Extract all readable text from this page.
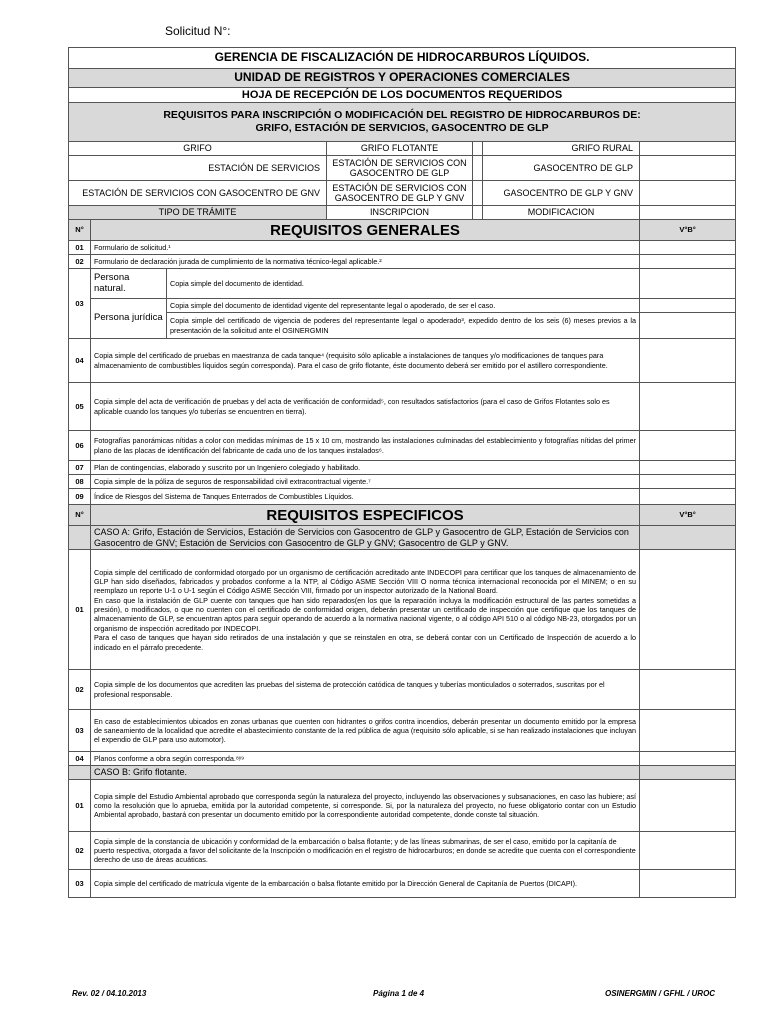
Solicitud N°:
GERENCIA DE FISCALIZACIÓN DE HIDROCARBUROS LÍQUIDOS.						
UNIDAD DE REGISTROS Y OPERACIONES COMERCIALES						
HOJA DE RECEPCIÓN DE LOS DOCUMENTOS REQUERIDOS						

REQUISITOS PARA INSCRIPCIÓN O MODIFICACIÓN DEL REGISTRO DE HIDROCARBUROS DE:
GRIFO, ESTACIÓN DE SERVICIOS, GASOCENTRO DE GLP						

GRIFO			GRIFO FLOTANTE		GRIFO RURAL	
ESTACIÓN DE SERVICIOS			ESTACIÓN DE SERVICIOS CON GASOCENTRO DE GLP		GASOCENTRO DE GLP	
ESTACIÓN DE SERVICIOS CON GASOCENTRO DE GNV			ESTACIÓN DE SERVICIOS CON GASOCENTRO DE GLP Y GNV		GASOCENTRO DE GLP Y GNV	
TIPO DE TRÁMITE			INSCRIPCION		MODIFICACION	
N°	REQUISITOS GENERALES					V°B°
01	Formulario de solicitud.¹					
02	Formulario de declaración jurada de cumplimiento de la normativa técnico-legal aplicable.²					
03	Persona natural.	Copia simple del documento de identidad.				
	Persona jurídica	Copia simple del documento de identidad vigente del representante legal o apoderado, de ser el caso.				
		Copia simple del certificado de vigencia de poderes del representante legal o apoderado³, expedido dentro de los seis (6) meses previos a la presentación de la solicitud ante el OSINERGMIN				
04	Copia simple del certificado de pruebas en maestranza de cada tanque⁴ (requisito sólo aplicable a instalaciones de tanques y/o modificaciones de tanques para almacenamiento de combustibles líquidos según corresponda). Para el caso de grifo flotante, éste documento deberá ser emitido por el astillero correspondiente.					
05	Copia simple del acta de verificación de pruebas y del acta de verificación de conformidad⁵, con resultados satisfactorios (para el caso de Grifos Flotantes solo es aplicable cuando los tanques y/o tuberías se encuentren en tierra).					
06	Fotografías panorámicas nítidas a color con medidas mínimas de 15 x 10 cm, mostrando las instalaciones culminadas del establecimiento y fotografías nítidas del primer plano de las placas de identificación del fabricante de cada uno de los tanques instalados⁶.					
07	Plan de contingencias, elaborado y suscrito por un Ingeniero colegiado y habilitado.					
08	Copia simple de la póliza de seguros de responsabilidad civil extracontractual vigente.⁷					
09	Índice de Riesgos del Sistema de Tanques Enterrados de Combustibles Líquidos.					
N°	REQUISITOS ESPECIFICOS					V°B°
	CASO A: Grifo, Estación de Servicios, Estación de Servicios con Gasocentro de GLP y Gasocentro de GLP, Estación de Servicios con Gasocentro de GNV; Estación de Servicios con Gasocentro de GLP y GNV; Gasocentro de GLP y GNV.					
01	Copia simple del certificado de conformidad otorgado por un organismo de certificación acreditado ante INDECOPI para certificar que los tanques de almacenamiento de GLP han sido diseñados, fabricados y probados conforme a la NTP, al Código ASME Sección VIII O norma técnica internacional reconocida por el MINEM; o en su reemplazo un reporte U-1 o U-1 según el Código ASME Sección VIII, firmado por un inspector autorizado de la National Board.
En caso que la instalación de GLP cuente con tanques que han sido reparados(en los que la reparación incluya la modificación estructural de las partes sometidas a presión), o modificados, o que no cuenten con el certificado de conformidad origen, deberán presentar un certificado de inspección que certifique que los tanques de almacenamiento de GLP, se encuentran aptos para seguir operando de acuerdo a la normativa nacional vigente, o al código API 510 o al código NB-23, otorgados por un organismo de inspección acreditado por INDECOPI.
Para el caso de tanques que hayan sido retirados de una instalación y que se reinstalen en otra, se deberá contar con un Certificado de Inspección de acuerdo a lo indicado en el párrafo precedente.					

02	Copia simple de los documentos que acrediten las pruebas del sistema de protección catódica de tanques y tuberías monticulados o soterrados, suscritas por el profesional responsable.					
03	En caso de establecimientos ubicados en zonas urbanas que cuenten con hidrantes o grifos contra incendios, deberán presentar un documento emitido por la empresa de saneamiento de la localidad que acredite el abastecimiento constante de la red pública de agua (requisito sólo aplicable, si se han realizado instalaciones que incluyan el expendio de GLP para uso automotor).					
04	Planos conforme a obra según corresponda.⁸ʸ⁹					
	CASO B: Grifo flotante.					
01	Copia simple del Estudio Ambiental aprobado que corresponda según la naturaleza del proyecto, incluyendo las observaciones y subsanaciones, en caso las hubiere; así como la resolución que lo aprueba, emitida por la autoridad competente, si corresponde. Si, por la naturaleza del proyecto, no fuese obligatorio contar con un Estudio Ambiental aprobado, bastará con presentar un documento emitido por la correspondiente autoridad competente, donde conste tal situación.					
02	Copia simple de la constancia de ubicación y conformidad de la embarcación o balsa flotante; y de las líneas submarinas, de ser el caso, emitido por la capitanía de puerto respectiva, otorgada a favor del solicitante de la Inscripción o modificación en el registro de hidrocarburos; en donde se acredite que cuenta con el correspondiente derecho de uso de áreas acuáticas.					
03	Copia simple del certificado de matrícula vigente de la embarcación o balsa flotante emitido por la Dirección General de Capitanía de Puertos (DICAPI).					
Rev. 02 / 04.10.2013	Página 1 de 4	OSINERGMIN / GFHL / UROC
